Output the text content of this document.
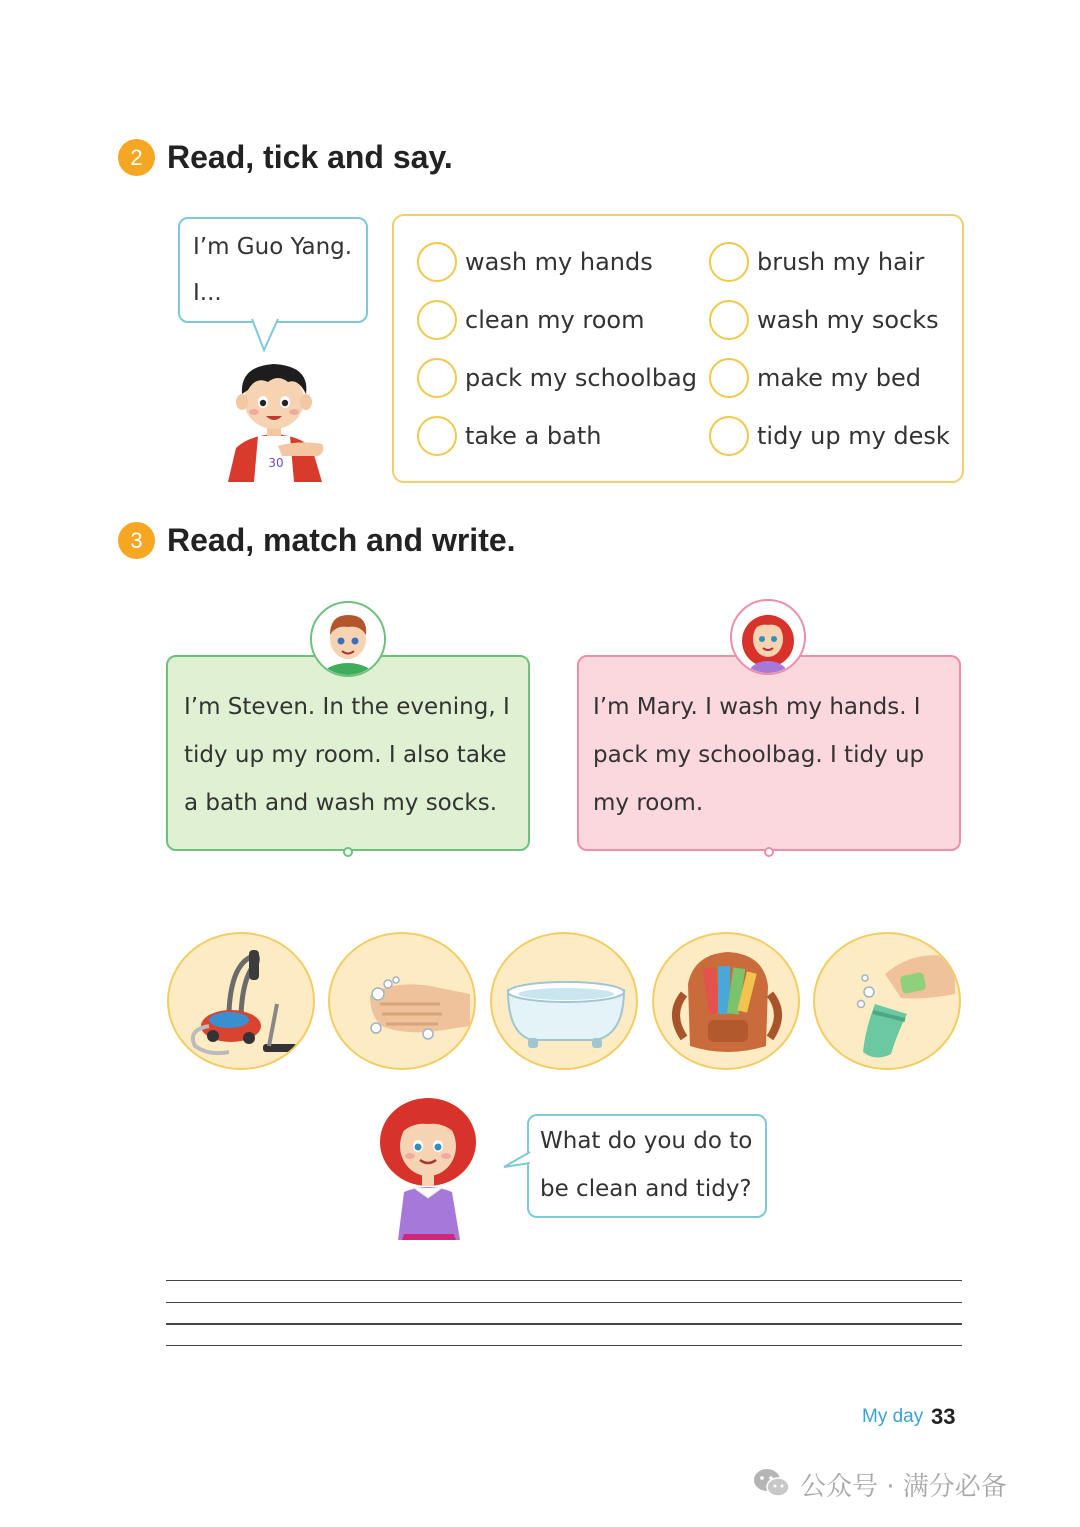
2 Read, tick and say.
I’m Guo Yang.
I...
30
wash my hands	brush my hair
clean my room	wash my socks
pack my schoolbag	make my bed
take a bath	tidy up my desk
3 Read, match and write.
I’m Steven. In the evening, I tidy up my room. I also take a bath and wash my socks.
I’m Mary. I wash my hands. I pack my schoolbag. I tidy up my room.
What do you do to
be clean and tidy?
My day 33
公众号 · 满分必备
